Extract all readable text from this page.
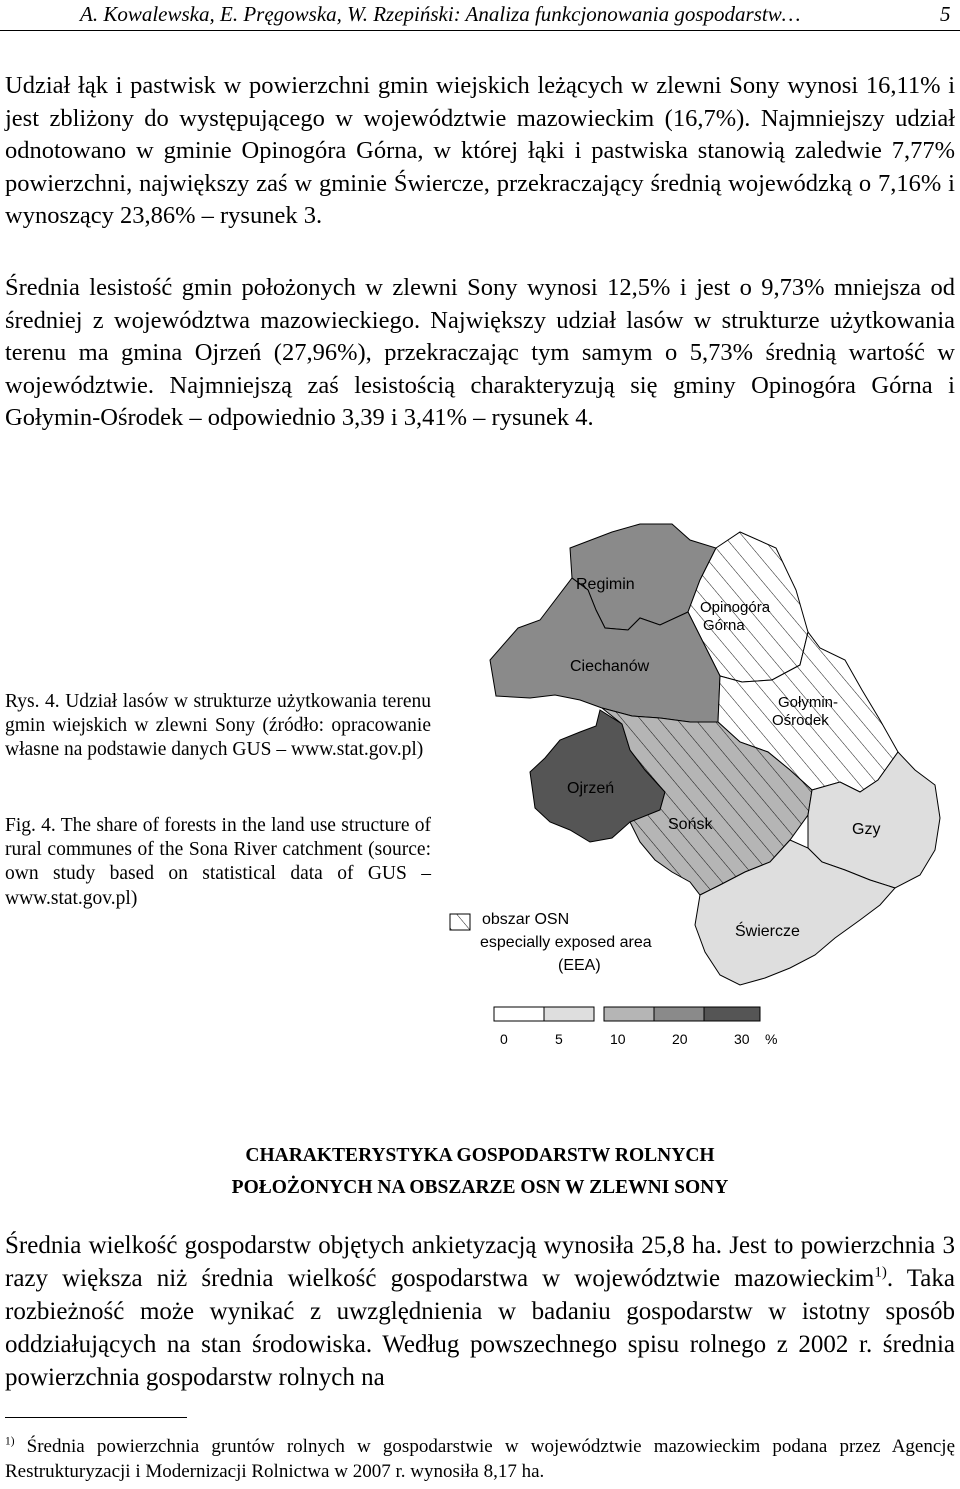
A. Kowalewska, E. Pręgowska, W. Rzepiński: Analiza funkcjonowania gospodarstw…	5

Udział łąk i pastwisk w powierzchni gmin wiejskich leżących w zlewni Sony wynosi 16,11% i jest zbliżony do występującego w województwie mazowieckim (16,7%). Najmniejszy udział odnotowano w gminie Opinogóra Górna, w której łąki i pastwiska stanowią zaledwie 7,77% powierzchni, największy zaś w gminie Świercze, przekraczający średnią wojewódzką o 7,16% i wynoszący 23,86% – rysunek 3.

Średnia lesistość gmin położonych w zlewni Sony wynosi 12,5% i jest o 9,73% mniejsza od średniej z województwa mazowieckiego. Największy udział lasów w strukturze użytkowania terenu ma gmina Ojrzeń (27,96%), przekraczając tym samym o 5,73% średnią wartość w województwie. Najmniejszą zaś lesistością charakteryzują się gminy Opinogóra Górna i Gołymin-Ośrodek – odpowiednio 3,39 i 3,41% – rysunek 4.

Rys. 4. Udział lasów w strukturze użytkowania terenu gmin wiejskich w zlewni Sony (źródło: opracowanie własne na podstawie danych GUS – www.stat.gov.pl)

Fig. 4. The share of forests in the land use structure of rural communes of the Sona River catchment (source: own study based on statistical data of GUS – www.stat.gov.pl)

Regimin
Opinogóra
Górna
Ciechanów
Gołymin-
Ośrodek
Ojrzeń
Sońsk	Gzy
Świercze
obszar OSN
especially exposed area
(EEA)
0	5	10	20	30 %
CHARAKTERYSTYKA GOSPODARSTW ROLNYCH
POŁOŻONYCH NA OBSZARZE OSN W ZLEWNI SONY

Średnia wielkość gospodarstw objętych ankietyzacją wynosiła 25,8 ha. Jest to powierzchnia 3 razy większa niż średnia wielkość gospodarstwa w województwie mazowieckim$^{1)}$. Taka rozbieżność może wynikać z uwzględnienia w badaniu gospodarstw w istotny sposób oddziałujących na stan środowiska. Według powszechnego spisu rolnego z 2002 r. średnia powierzchnia gospodarstw rolnych na

$^{1)}$ Średnia powierzchnia gruntów rolnych w gospodarstwie w województwie mazowieckim podana przez Agencję Restrukturyzacji i Modernizacji Rolnictwa w 2007 r. wynosiła 8,17 ha.
